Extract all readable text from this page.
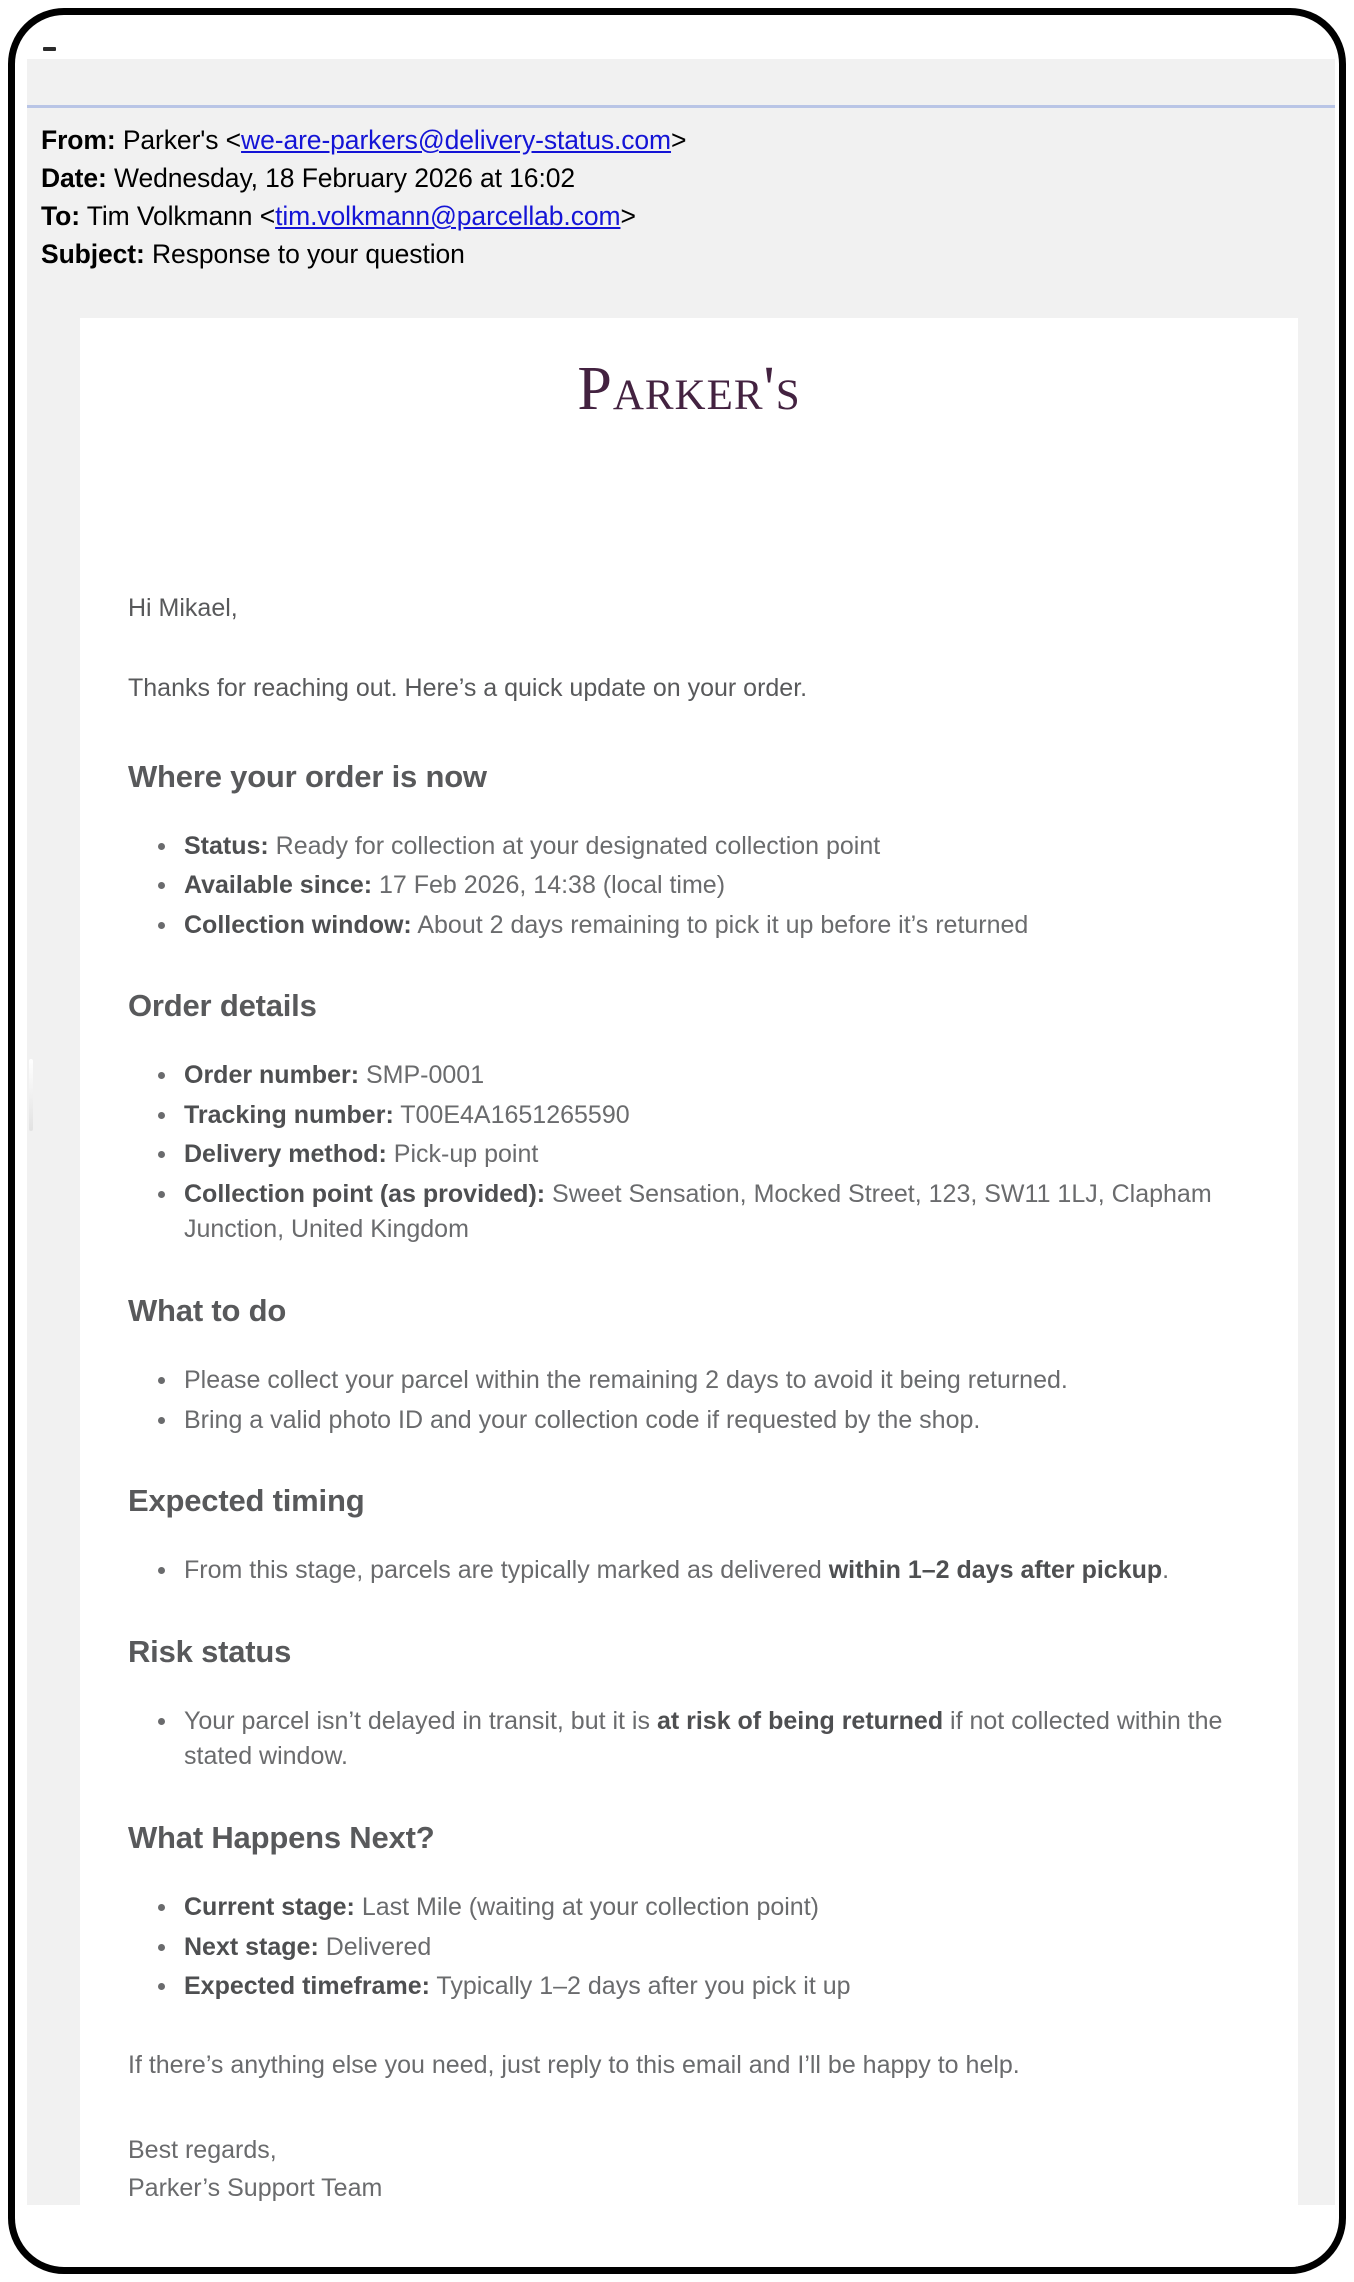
From: Parker's <we-are-parkers@delivery-status.com>
Date: Wednesday, 18 February 2026 at 16:02
To: Tim Volkmann <tim.volkmann@parcellab.com>
Subject: Response to your question
Parker's

Hi Mikael,

Thanks for reaching out. Here’s a quick update on your order.

Where your order is now
Status: Ready for collection at your designated collection point
Available since: 17 Feb 2026, 14:38 (local time)
Collection window: About 2 days remaining to pick it up before it’s returned
Order details
Order number: SMP-0001
Tracking number: T00E4A1651265590
Delivery method: Pick-up point
Collection point (as provided): Sweet Sensation, Mocked Street, 123, SW11 1LJ, Clapham Junction, United Kingdom
What to do
Please collect your parcel within the remaining 2 days to avoid it being returned.
Bring a valid photo ID and your collection code if requested by the shop.
Expected timing
From this stage, parcels are typically marked as delivered within 1–2 days after pickup.
Risk status
Your parcel isn’t delayed in transit, but it is at risk of being returned if not collected within the stated window.
What Happens Next?
Current stage: Last Mile (waiting at your collection point)
Next stage: Delivered
Expected timeframe: Typically 1–2 days after you pick it up

If there’s anything else you need, just reply to this email and I’ll be happy to help.

Best regards,
Parker’s Support Team
